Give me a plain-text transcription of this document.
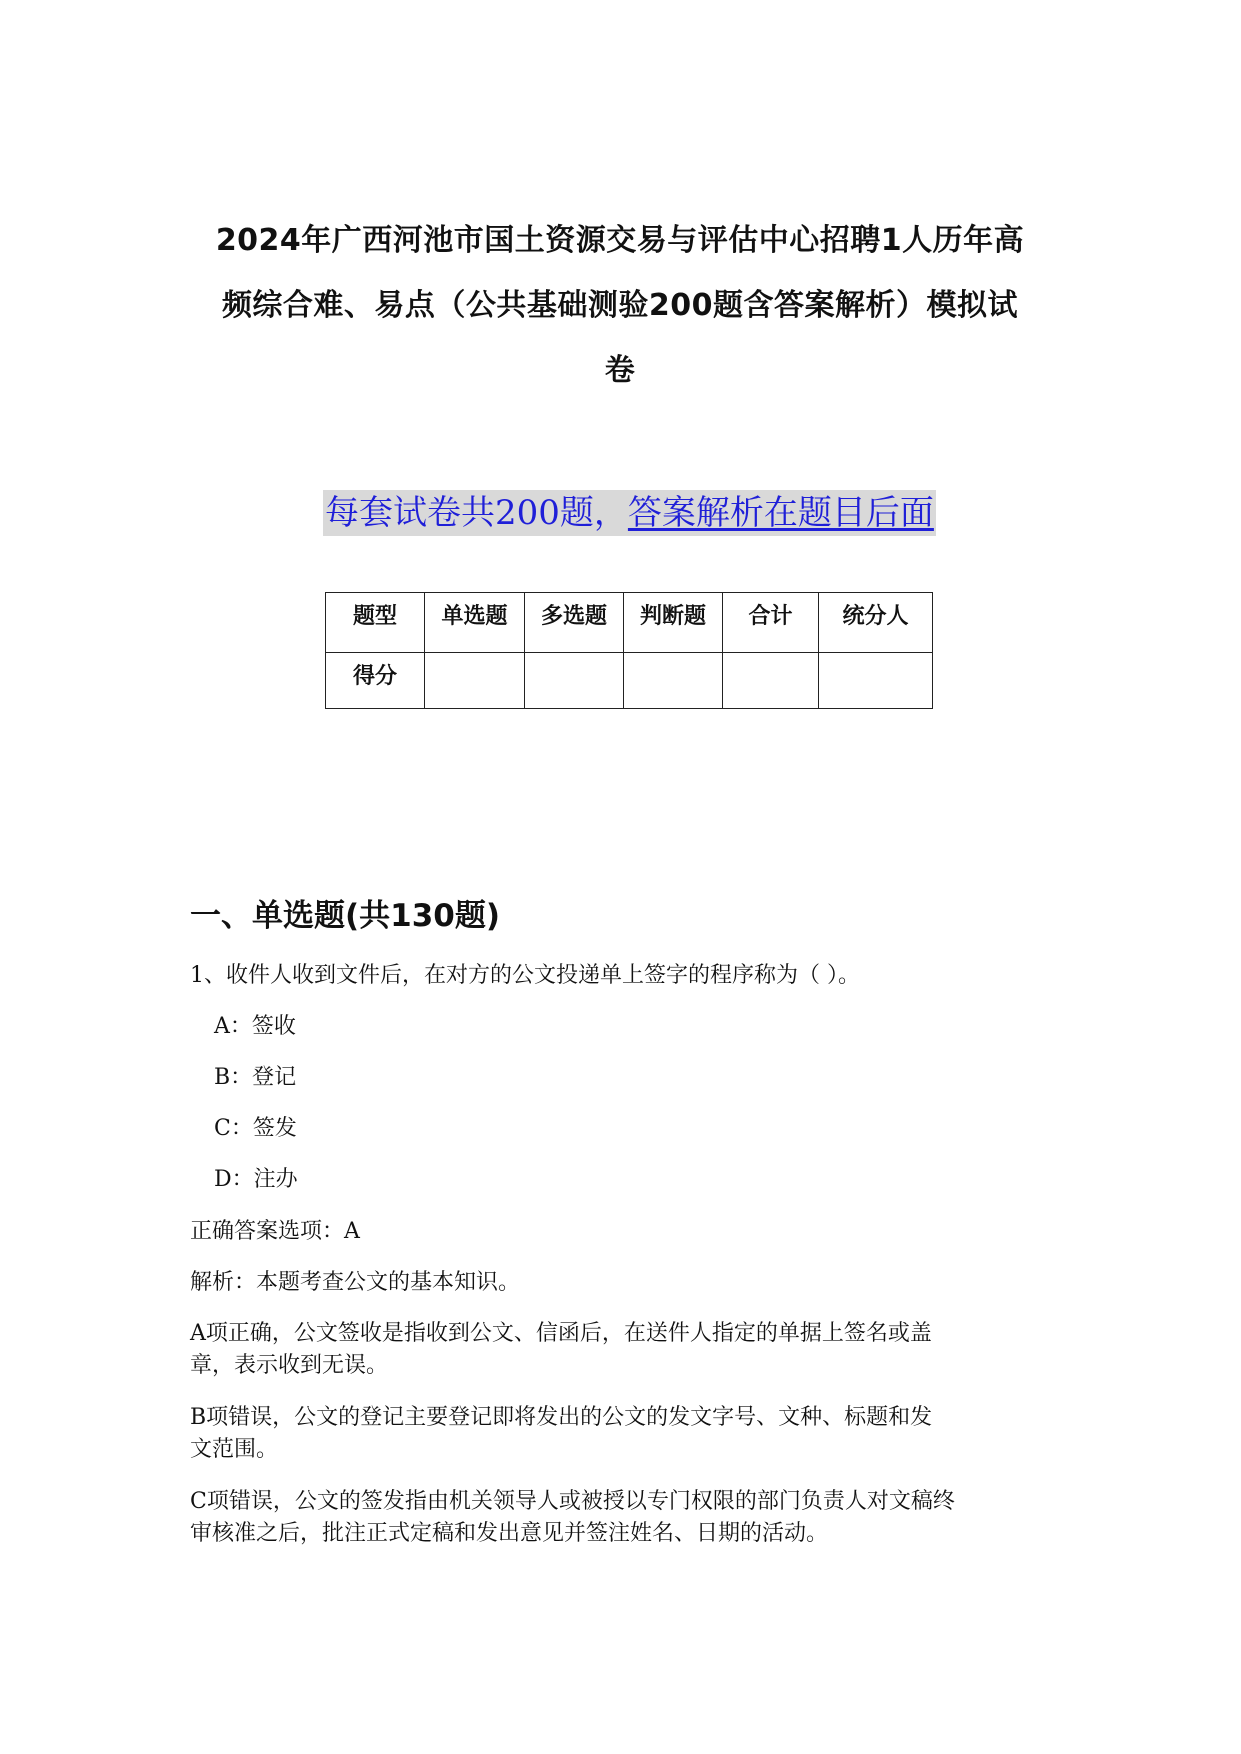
2024年广西河池市国土资源交易与评估中心招聘1人历年高
频综合难、易点（公共基础测验200题含答案解析）模拟试
卷
每套试卷共200题，答案解析在题目后面
题型	单选题	多选题	判断题	合计	统分人
得分					
一、单选题(共130题)
1、收件人收到文件后，在对方的公文投递单上签字的程序称为（ ）。
A：签收
B：登记
C：签发
D：注办
正确答案选项：A
解析：本题考查公文的基本知识。
A项正确，公文签收是指收到公文、信函后，在送件人指定的单据上签名或盖
章，表示收到无误。
B项错误，公文的登记主要登记即将发出的公文的发文字号、文种、标题和发
文范围。
C项错误，公文的签发指由机关领导人或被授以专门权限的部门负责人对文稿终
审核准之后，批注正式定稿和发出意见并签注姓名、日期的活动。
